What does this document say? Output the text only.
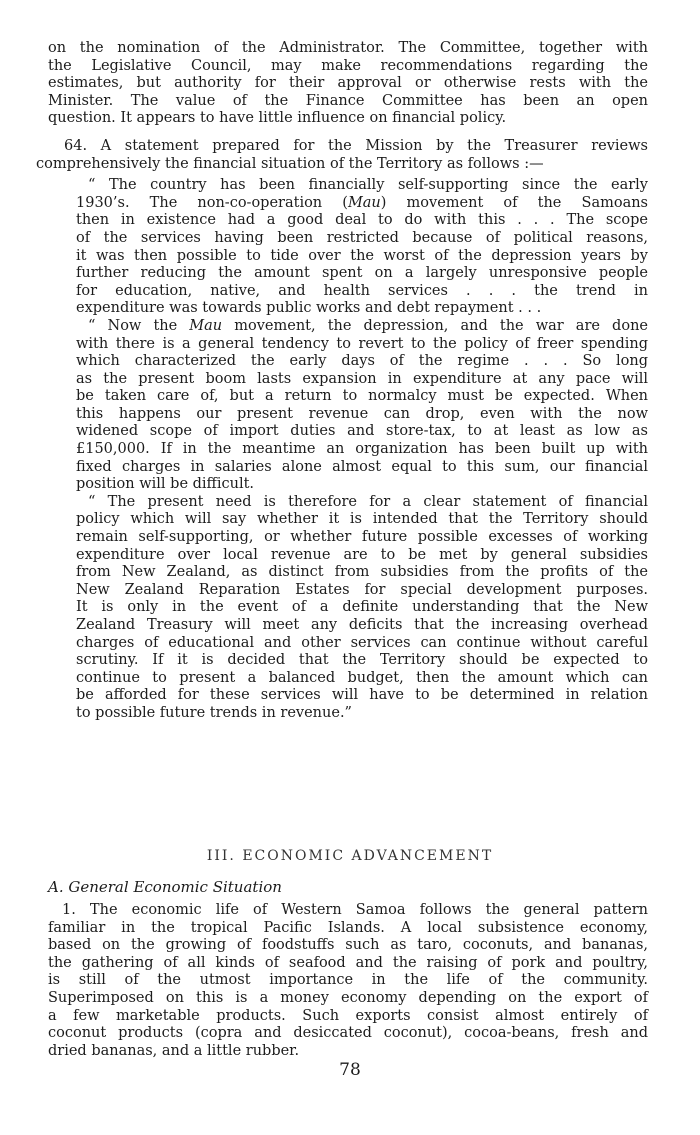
on the nomination of the Administrator. The Committee, together with
the Legislative Council, may make recommendations regarding the
estimates, but authority for their approval or otherwise rests with the
Minister. The value of the Finance Committee has been an open
question. It appears to have little influence on financial policy.

64. A statement prepared for the Mission by the Treasurer reviews
comprehensively the financial situation of the Territory as follows :—

“ The country has been financially self-supporting since the early
1930’s. The non-co-operation (Mau) movement of the Samoans
then in existence had a good deal to do with this . . . The scope
of the services having been restricted because of political reasons,
it was then possible to tide over the worst of the depression years by
further reducing the amount spent on a largely unresponsive people
for education, native, and health services . . . the trend in
expenditure was towards public works and debt repayment . . .

“ Now the Mau movement, the depression, and the war are done
with there is a general tendency to revert to the policy of freer spending
which characterized the early days of the regime . . . So long
as the present boom lasts expansion in expenditure at any pace will
be taken care of, but a return to normalcy must be expected. When
this happens our present revenue can drop, even with the now
widened scope of import duties and store-tax, to at least as low as
£150,000. If in the meantime an organization has been built up with
fixed charges in salaries alone almost equal to this sum, our financial
position will be difficult.

“ The present need is therefore for a clear statement of financial
policy which will say whether it is intended that the Territory should
remain self-supporting, or whether future possible excesses of working
expenditure over local revenue are to be met by general subsidies
from New Zealand, as distinct from subsidies from the profits of the
New Zealand Reparation Estates for special development purposes.
It is only in the event of a definite understanding that the New
Zealand Treasury will meet any deficits that the increasing overhead
charges of educational and other services can continue without careful
scrutiny. If it is decided that the Territory should be expected to
continue to present a balanced budget, then the amount which can
be afforded for these services will have to be determined in relation
to possible future trends in revenue.”

III. ECONOMIC ADVANCEMENT
A. General Economic Situation

1. The economic life of Western Samoa follows the general pattern
familiar in the tropical Pacific Islands. A local subsistence economy,
based on the growing of foodstuffs such as taro, coconuts, and bananas,
the gathering of all kinds of seafood and the raising of pork and poultry,
is still of the utmost importance in the life of the community.
Superimposed on this is a money economy depending on the export of
a few marketable products. Such exports consist almost entirely of
coconut products (copra and desiccated coconut), cocoa-beans, fresh and
dried bananas, and a little rubber.

78
